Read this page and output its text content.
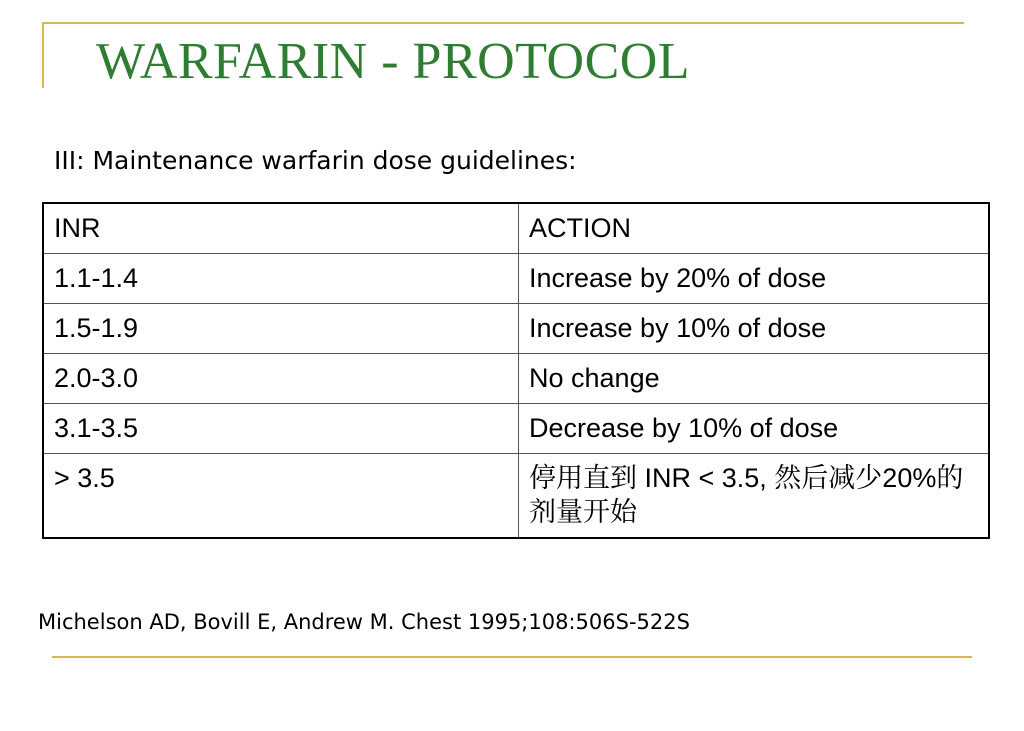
WARFARIN - PROTOCOL
III: Maintenance warfarin dose guidelines:
INR	ACTION
1.1-1.4	Increase by 20% of dose
1.5-1.9	Increase by 10% of dose
2.0-3.0	No change
3.1-3.5	Decrease by 10% of dose
> 3.5	停用直到 INR < 3.5, 然后减少20%的剂量开始
Michelson AD, Bovill E, Andrew M. Chest 1995;108:506S-522S
